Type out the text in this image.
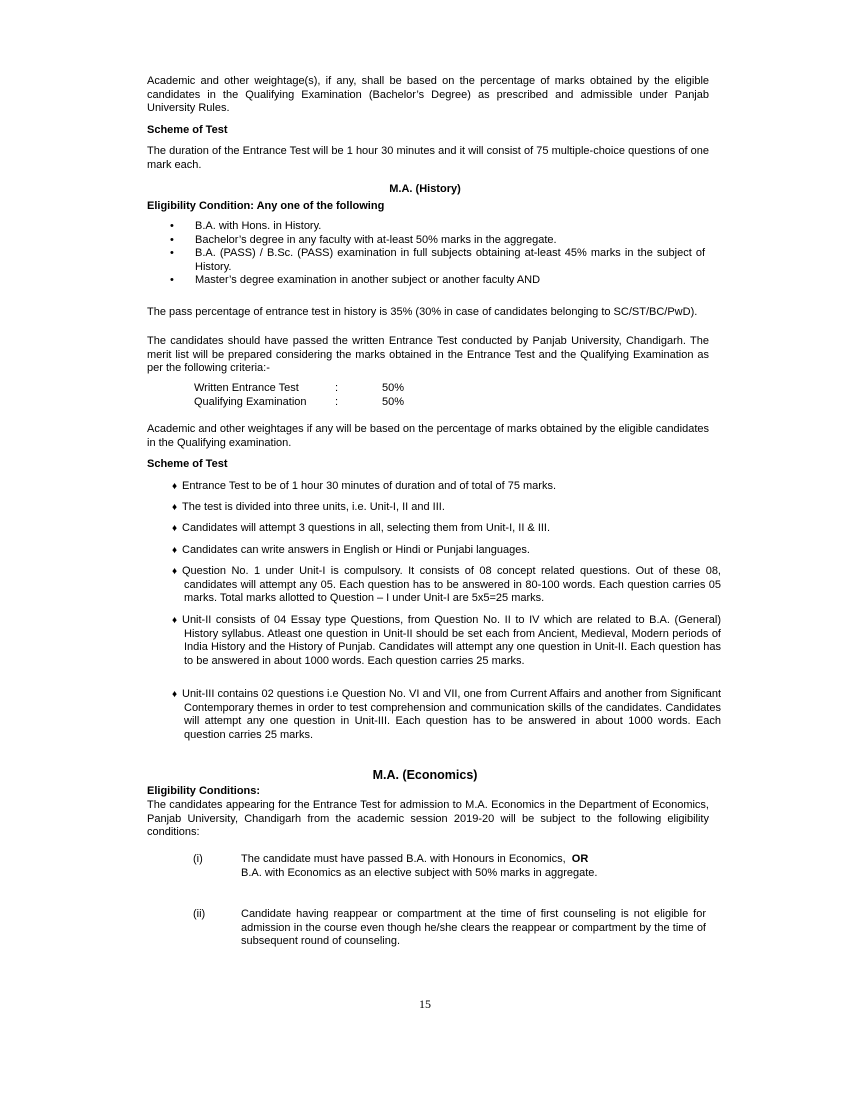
Academic and other weightage(s), if any, shall be based on the percentage of marks obtained by the eligible candidates in the Qualifying Examination (Bachelor’s Degree) as prescribed and admissible under Panjab University Rules.

Scheme of Test

The duration of the Entrance Test will be 1 hour 30 minutes and it will consist of 75 multiple-choice questions of one mark each.

M.A. (History)

Eligibility Condition: Any one of the following

• B.A. with Hons. in History.
• Bachelor’s degree in any faculty with at-least 50% marks in the aggregate.
• B.A. (PASS) / B.Sc. (PASS) examination in full subjects obtaining at-least 45% marks in the subject of History.
• Master’s degree examination in another subject or another faculty AND

The pass percentage of entrance test in history is 35% (30% in case of candidates belonging to SC/ST/BC/PwD).

The candidates should have passed the written Entrance Test conducted by Panjab University, Chandigarh. The merit list will be prepared considering the marks obtained in the Entrance Test and the Qualifying Examination as per the following criteria:-

Written Entrance Test	:	50%
Qualifying Examination	:	50%

Academic and other weightages if any will be based on the percentage of marks obtained by the eligible candidates in the Qualifying examination.

Scheme of Test

♦ Entrance Test to be of 1 hour 30 minutes of duration and of total of 75 marks.
♦ The test is divided into three units, i.e. Unit-I, II and III.
♦ Candidates will attempt 3 questions in all, selecting them from Unit-I, II & III.
♦ Candidates can write answers in English or Hindi or Punjabi languages.
♦ Question No. 1 under Unit-I is compulsory. It consists of 08 concept related questions. Out of these 08, candidates will attempt any 05. Each question has to be answered in 80-100 words. Each question carries 05 marks. Total marks allotted to Question – I under Unit-I are 5x5=25 marks.
♦ Unit-II consists of 04 Essay type Questions, from Question No. II to IV which are related to B.A. (General) History syllabus. Atleast one question in Unit-II should be set each from Ancient, Medieval, Modern periods of India History and the History of Punjab. Candidates will attempt any one question in Unit-II. Each question has to be answered in about 1000 words. Each question carries 25 marks.
♦ Unit-III contains 02 questions i.e Question No. VI and VII, one from Current Affairs and another from Significant Contemporary themes in order to test comprehension and communication skills of the candidates. Candidates will attempt any one question in Unit-III. Each question has to be answered in about 1000 words. Each question carries 25 marks.
M.A. (Economics)

Eligibility Conditions:

The candidates appearing for the Entrance Test for admission to M.A. Economics in the Department of Economics, Panjab University, Chandigarh from the academic session 2019-20 will be subject to the following eligibility conditions:

(i)	The candidate must have passed B.A. with Honours in Economics, OR
B.A. with Economics as an elective subject with 50% marks in aggregate.
(ii)	Candidate having reappear or compartment at the time of first counseling is not eligible for admission in the course even though he/she clears the reappear or compartment by the time of subsequent round of counseling.
15
